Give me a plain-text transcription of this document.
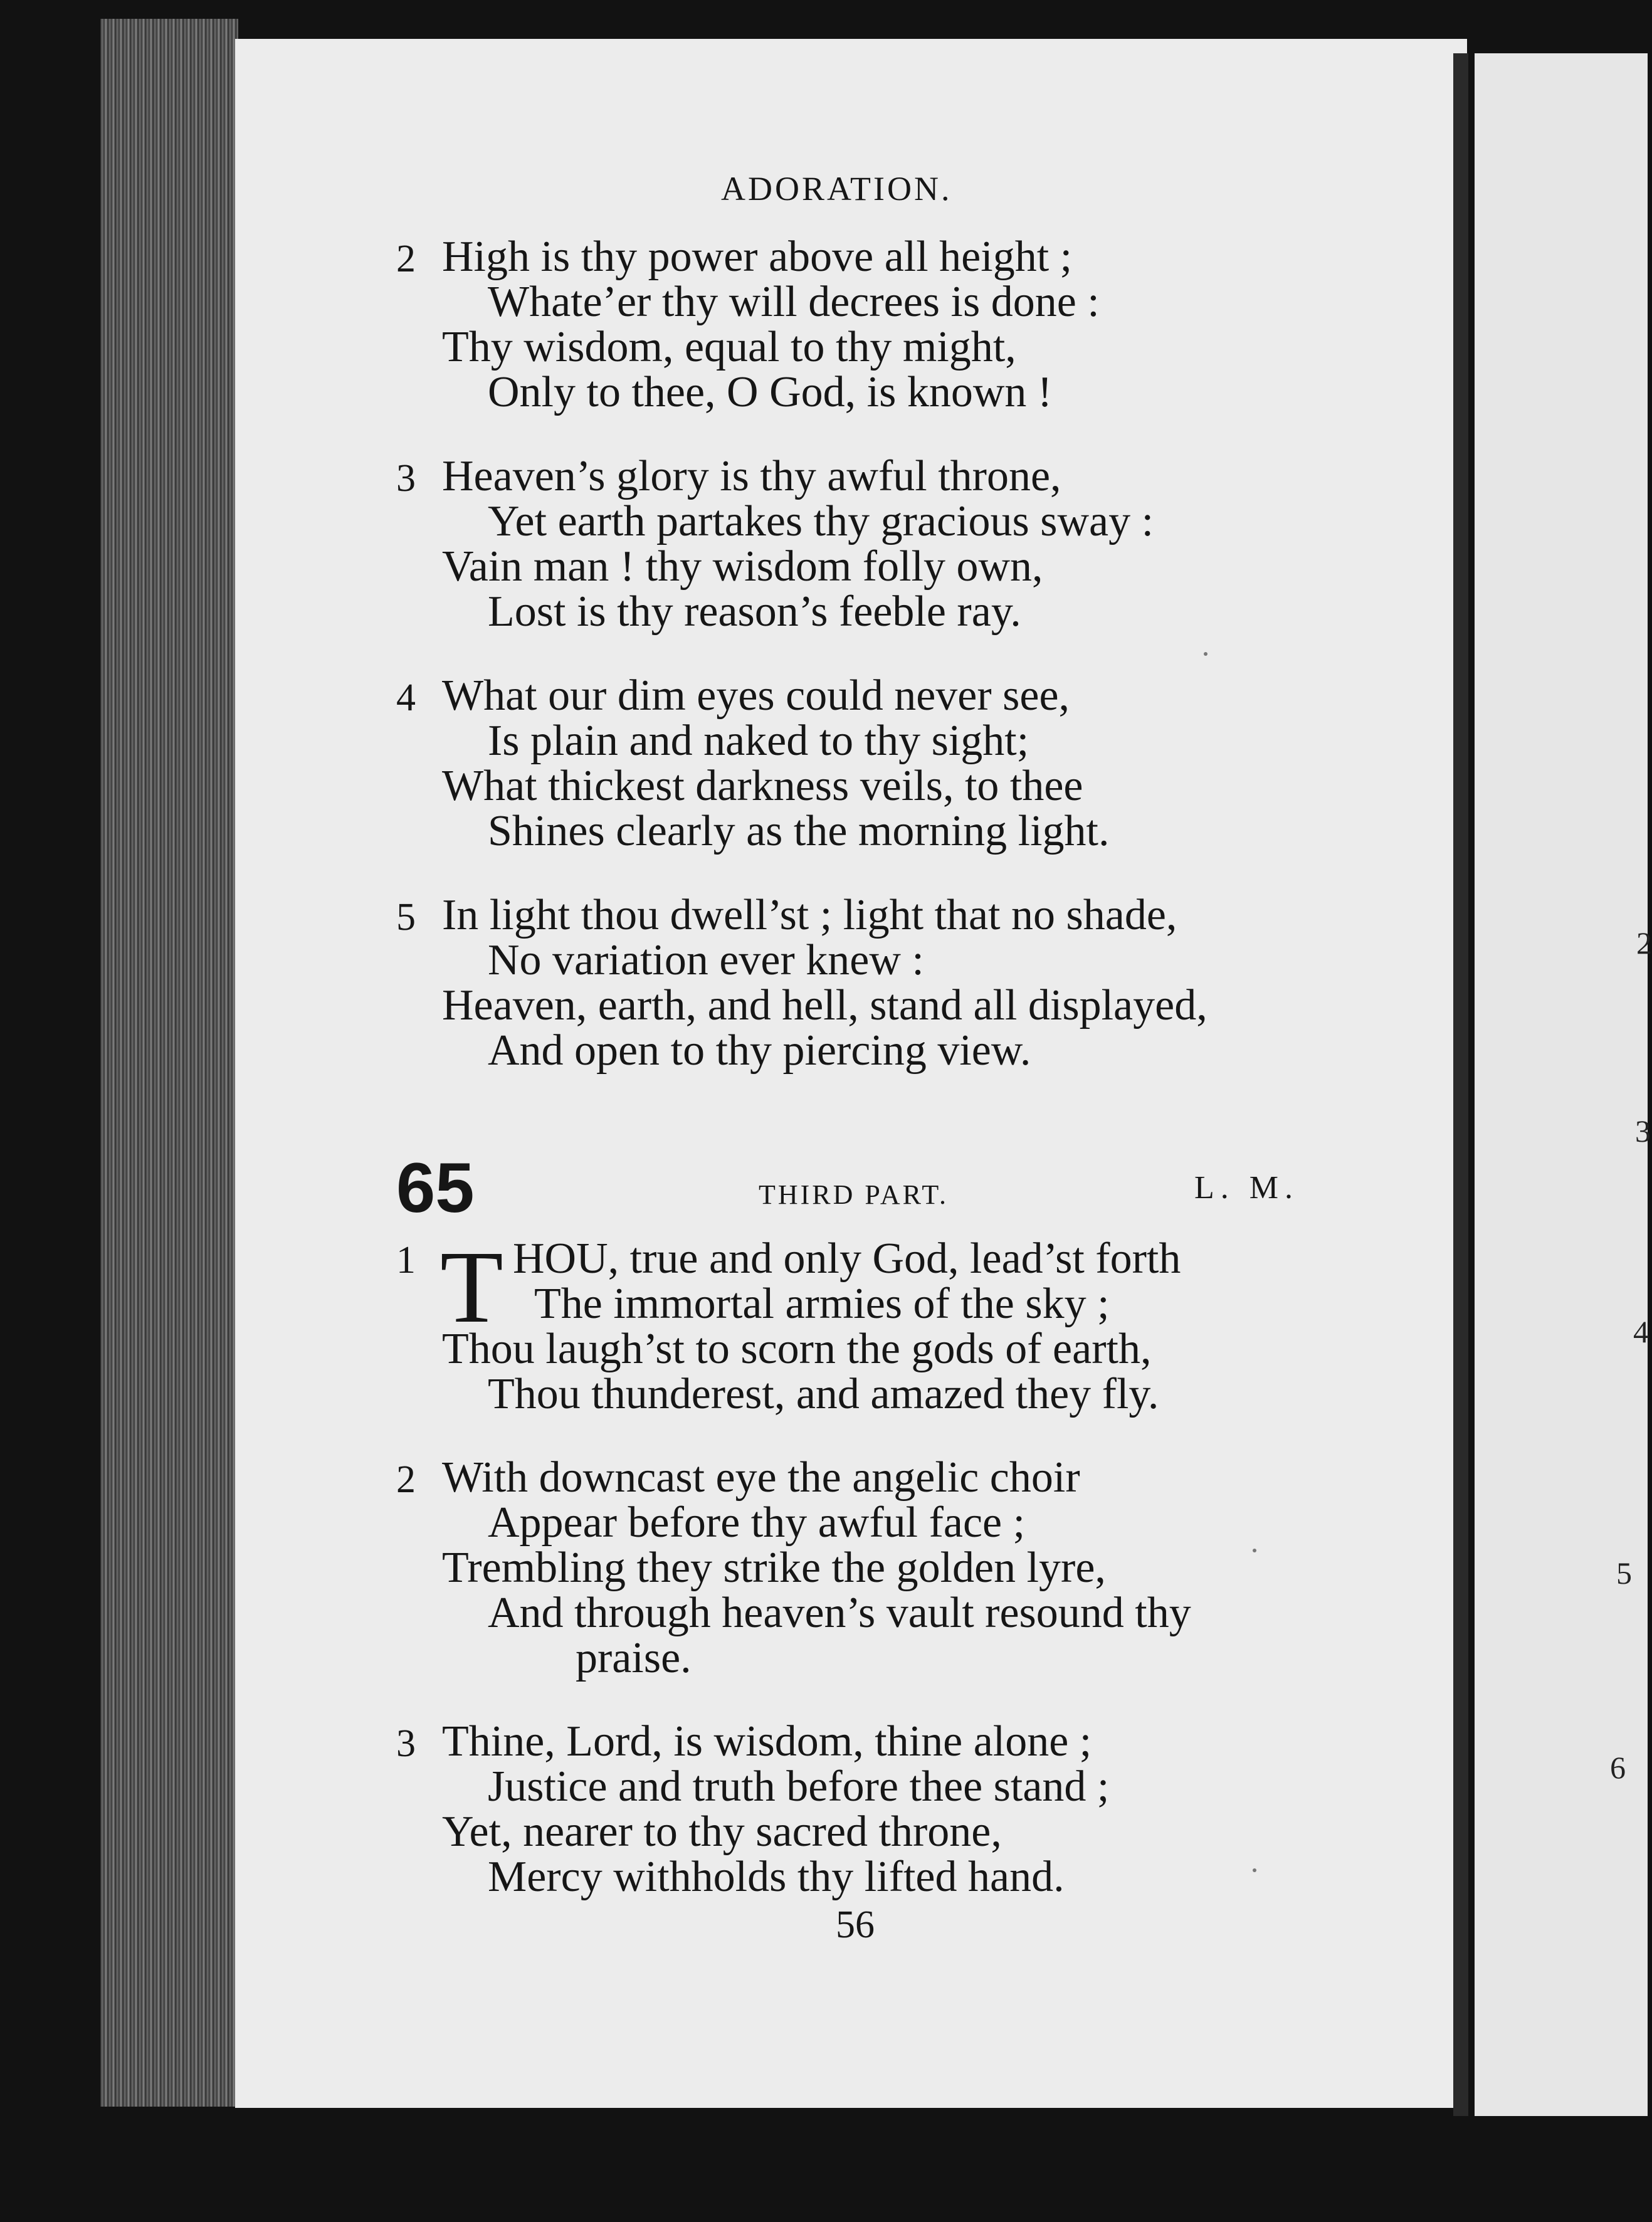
2
3
4
5
6
ADORATION.
2 High is thy power above all height ;
Whate’er thy will decrees is done :
Thy wisdom, equal to thy might,
Only to thee, O God, is known !
3 Heaven’s glory is thy awful throne,
Yet earth partakes thy gracious sway :
Vain man ! thy wisdom folly own,
Lost is thy reason’s feeble ray.
4 What our dim eyes could never see,
Is plain and naked to thy sight;
What thickest darkness veils, to thee
Shines clearly as the morning light.
5 In light thou dwell’st ; light that no shade,
No variation ever knew :
Heaven, earth, and hell, stand all displayed,
And open to thy piercing view.
65	THIRD PART.	L. M.
1 T HOU, true and only God, lead’st forth
The immortal armies of the sky ;
Thou laugh’st to scorn the gods of earth,
Thou thunderest, and amazed they fly.
2 With downcast eye the angelic choir
Appear before thy awful face ;
Trembling they strike the golden lyre,
And through heaven’s vault resound thy
praise.
3 Thine, Lord, is wisdom, thine alone ;
Justice and truth before thee stand ;
Yet, nearer to thy sacred throne,
Mercy withholds thy lifted hand.
56
